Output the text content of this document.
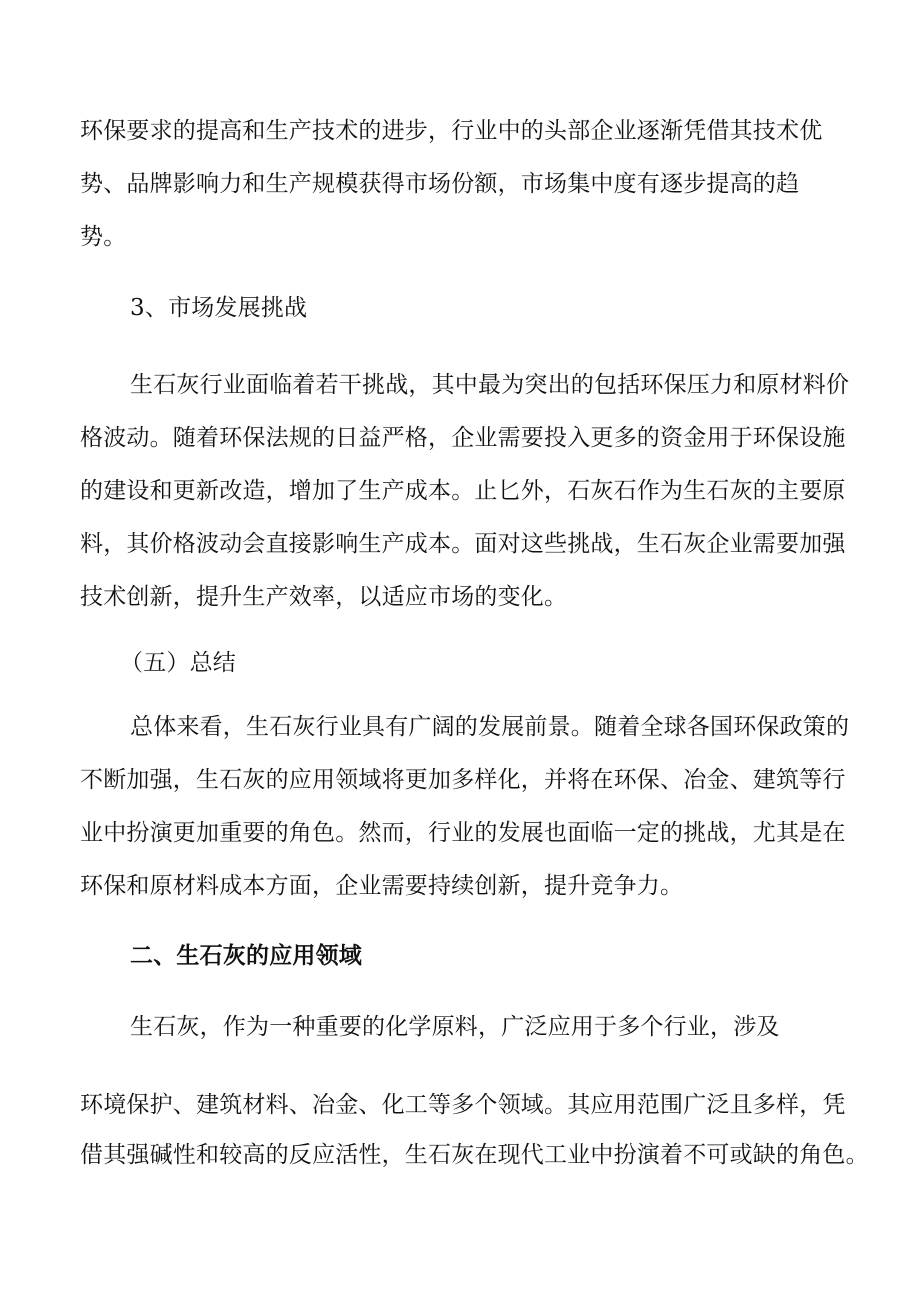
环保要求的提高和生产技术的进步，行业中的头部企业逐渐凭借其技术优
势、品牌影响力和生产规模获得市场份额，市场集中度有逐步提高的趋
势。
3、市场发展挑战
生石灰行业面临着若干挑战，其中最为突出的包括环保压力和原材料价
格波动。随着环保法规的日益严格，企业需要投入更多的资金用于环保设施
的建设和更新改造，增加了生产成本。止匕外，石灰石作为生石灰的主要原
料，其价格波动会直接影响生产成本。面对这些挑战，生石灰企业需要加强
技术创新，提升生产效率，以适应市场的变化。
（五）总结
总体来看，生石灰行业具有广阔的发展前景。随着全球各国环保政策的
不断加强，生石灰的应用领域将更加多样化，并将在环保、冶金、建筑等行
业中扮演更加重要的角色。然而，行业的发展也面临一定的挑战，尤其是在
环保和原材料成本方面，企业需要持续创新，提升竞争力。
二、生石灰的应用领域
生石灰，作为一种重要的化学原料，广泛应用于多个行业，涉及
环境保护、建筑材料、冶金、化工等多个领域。其应用范围广泛且多样，凭
借其强碱性和较高的反应活性，生石灰在现代工业中扮演着不可或缺的角色。
